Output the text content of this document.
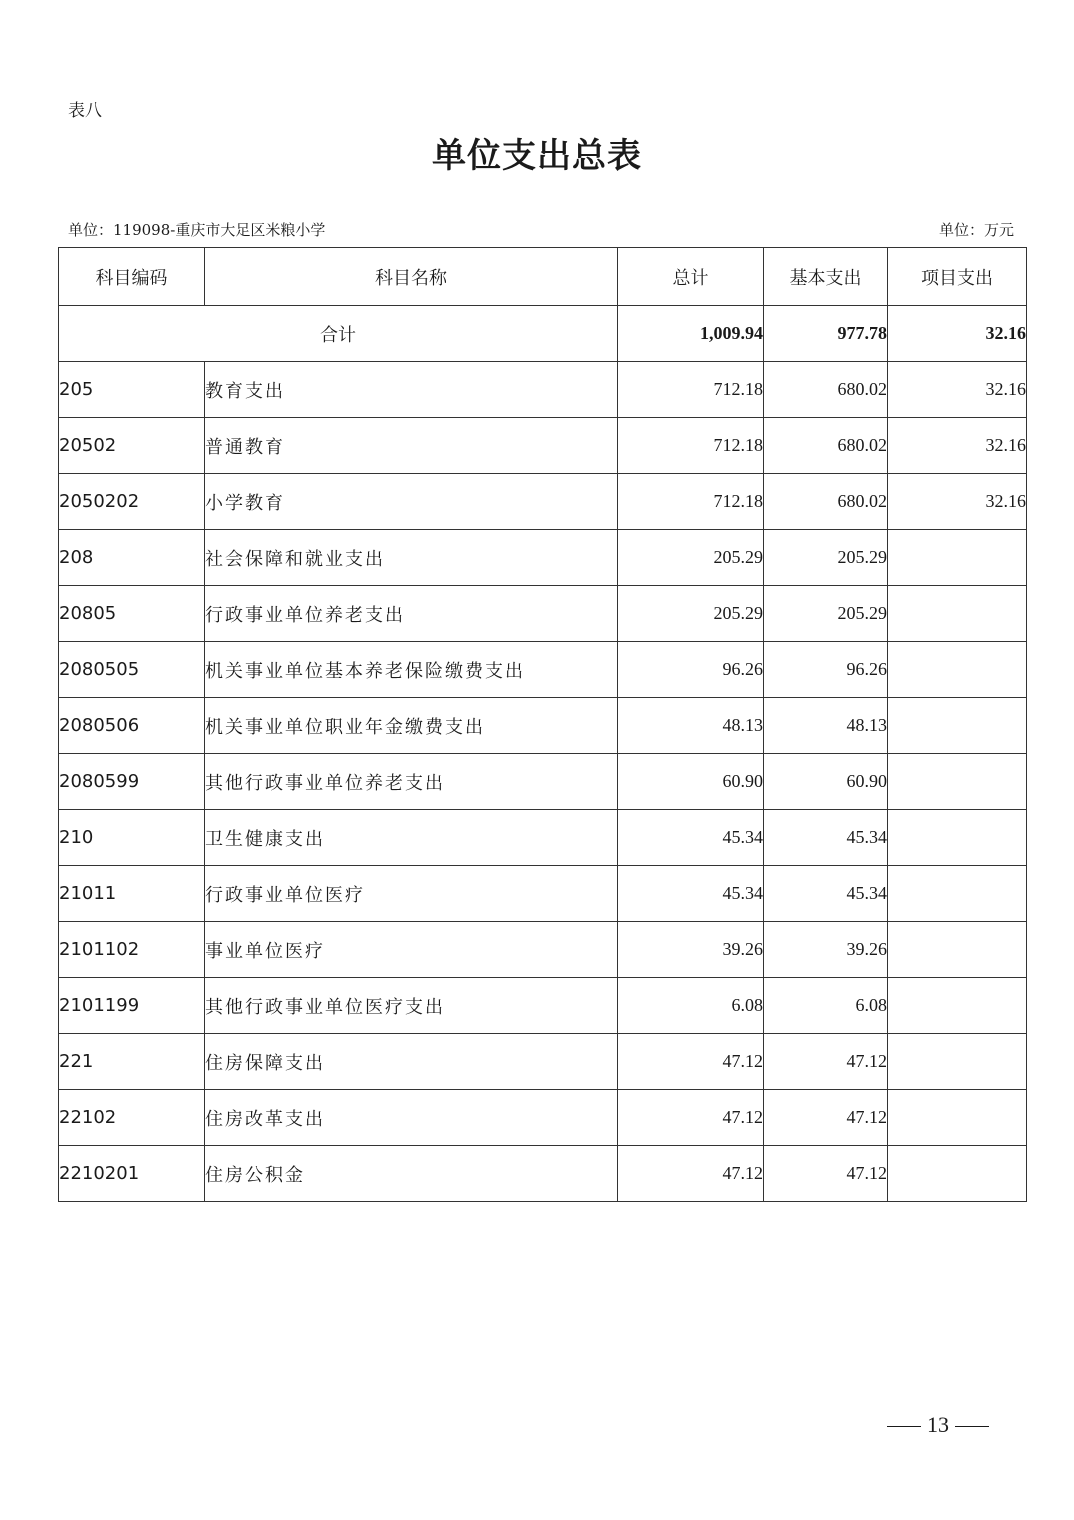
表八
单位支出总表
单位：119098-重庆市大足区米粮小学	单位：万元
科目编码	科目名称	总计	基本支出	项目支出
合计		1,009.94	977.78	32.16
205	教育支出	712.18	680.02	32.16
20502	普通教育	712.18	680.02	32.16
2050202	小学教育	712.18	680.02	32.16
208	社会保障和就业支出	205.29	205.29	
20805	行政事业单位养老支出	205.29	205.29	
2080505	机关事业单位基本养老保险缴费支出	96.26	96.26	
2080506	机关事业单位职业年金缴费支出	48.13	48.13	
2080599	其他行政事业单位养老支出	60.90	60.90	
210	卫生健康支出	45.34	45.34	
21011	行政事业单位医疗	45.34	45.34	
2101102	事业单位医疗	39.26	39.26	
2101199	其他行政事业单位医疗支出	6.08	6.08	
221	住房保障支出	47.12	47.12	
22102	住房改革支出	47.12	47.12	
2210201	住房公积金	47.12	47.12	
13
